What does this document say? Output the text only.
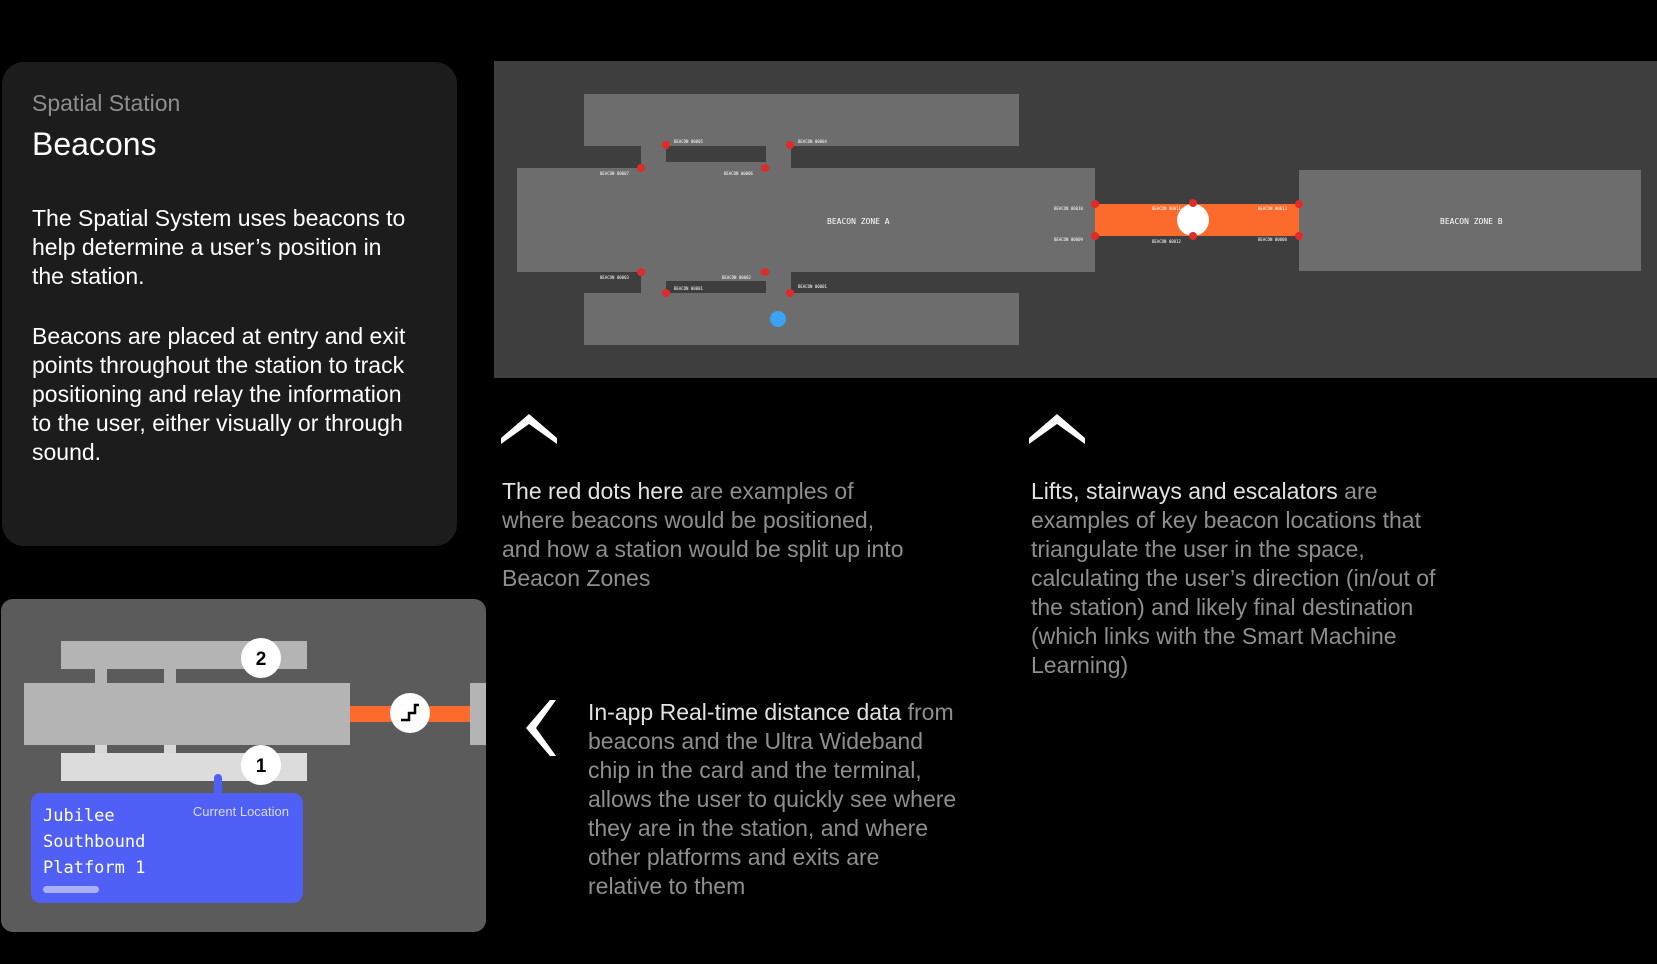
Spatial Station
Beacons

The Spatial System uses beacons to help determine a user’s position in the station.

Beacons are placed at entry and exit points throughout the station to track positioning and relay the information to the user, either visually or through sound.

BEACON ZONE A	BEACON ZONE B
BEACON 00005	BEACON 00004
BEACON 00007	BEACON 00006
BEACON 00003	BEACON 00002
BEACON 00001	BEACON 00001
BEACON 00010
BEACON 00009
BEACON 00011
BEACON 00012
BEACON 00013
BEACON 00008

The red dots here are examples of where beacons would be positioned, and how a station would be split up into Beacon Zones

Lifts, stairways and escalators are examples of key beacon locations that triangulate the user in the space, calculating the user’s direction (in/out of the station) and likely final destination (which links with the Smart Machine Learning)

In-app Real-time distance data from beacons and the Ultra Wideband chip in the card and the terminal, allows the user to quickly see where they are in the station, and where other platforms and exits are relative to them

2
1

Jubilee
Southbound
Platform 1

Current Location
